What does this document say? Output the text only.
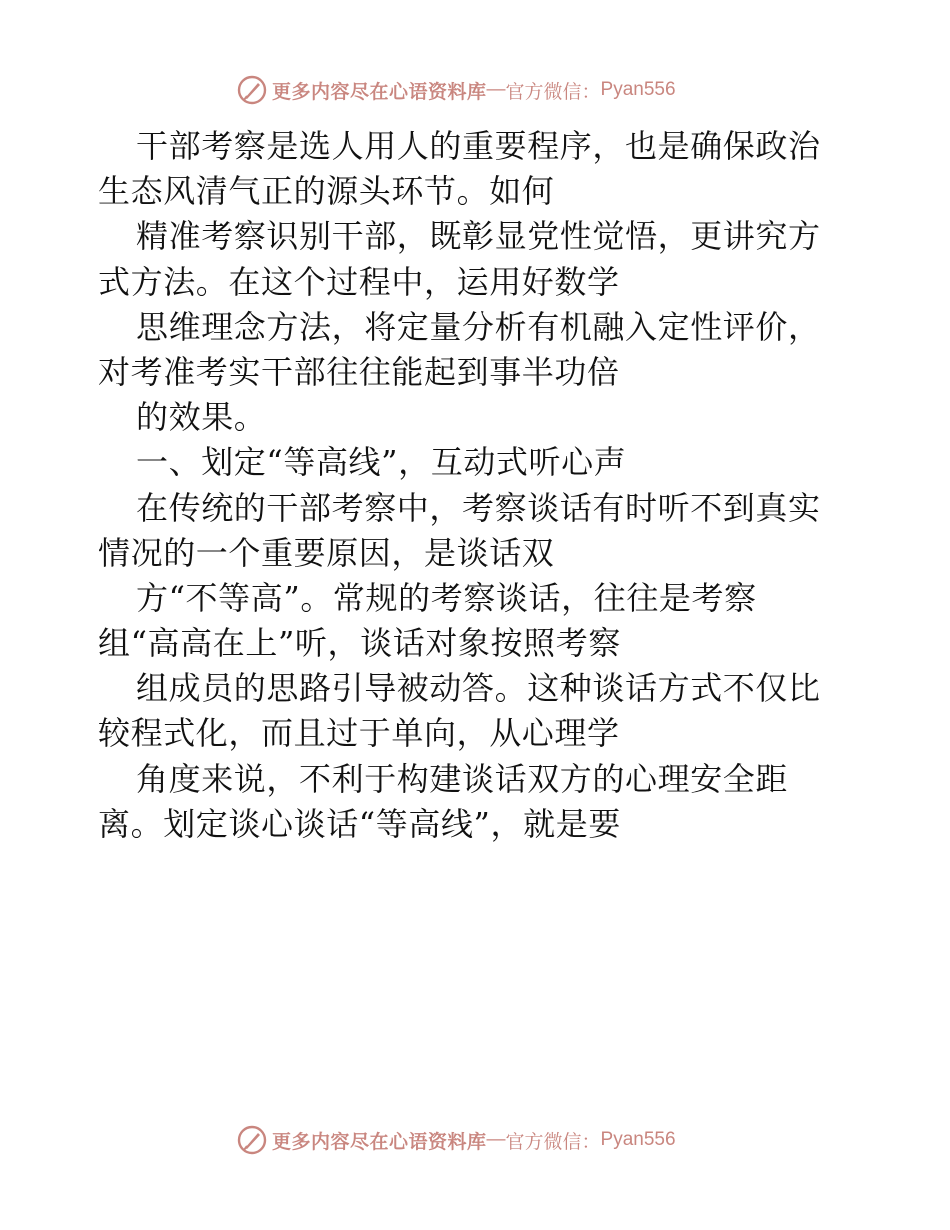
更多内容尽在心语资料库 — 官方微信： Pyan556
干部考察是选人用人的重要程序，也是确保政治
生态风清气正的源头环节。如何
精准考察识别干部，既彰显党性觉悟，更讲究方
式方法。在这个过程中，运用好数学
思维理念方法，将定量分析有机融入定性评价，
对考准考实干部往往能起到事半功倍
的效果。
一、划定“等高线”，互动式听心声
在传统的干部考察中，考察谈话有时听不到真实
情况的一个重要原因，是谈话双
方“不等高”。常规的考察谈话，往往是考察
组“高高在上”听，谈话对象按照考察
组成员的思路引导被动答。这种谈话方式不仅比
较程式化，而且过于单向，从心理学
角度来说，不利于构建谈话双方的心理安全距
离。划定谈心谈话“等高线”，就是要
更多内容尽在心语资料库 — 官方微信： Pyan556
